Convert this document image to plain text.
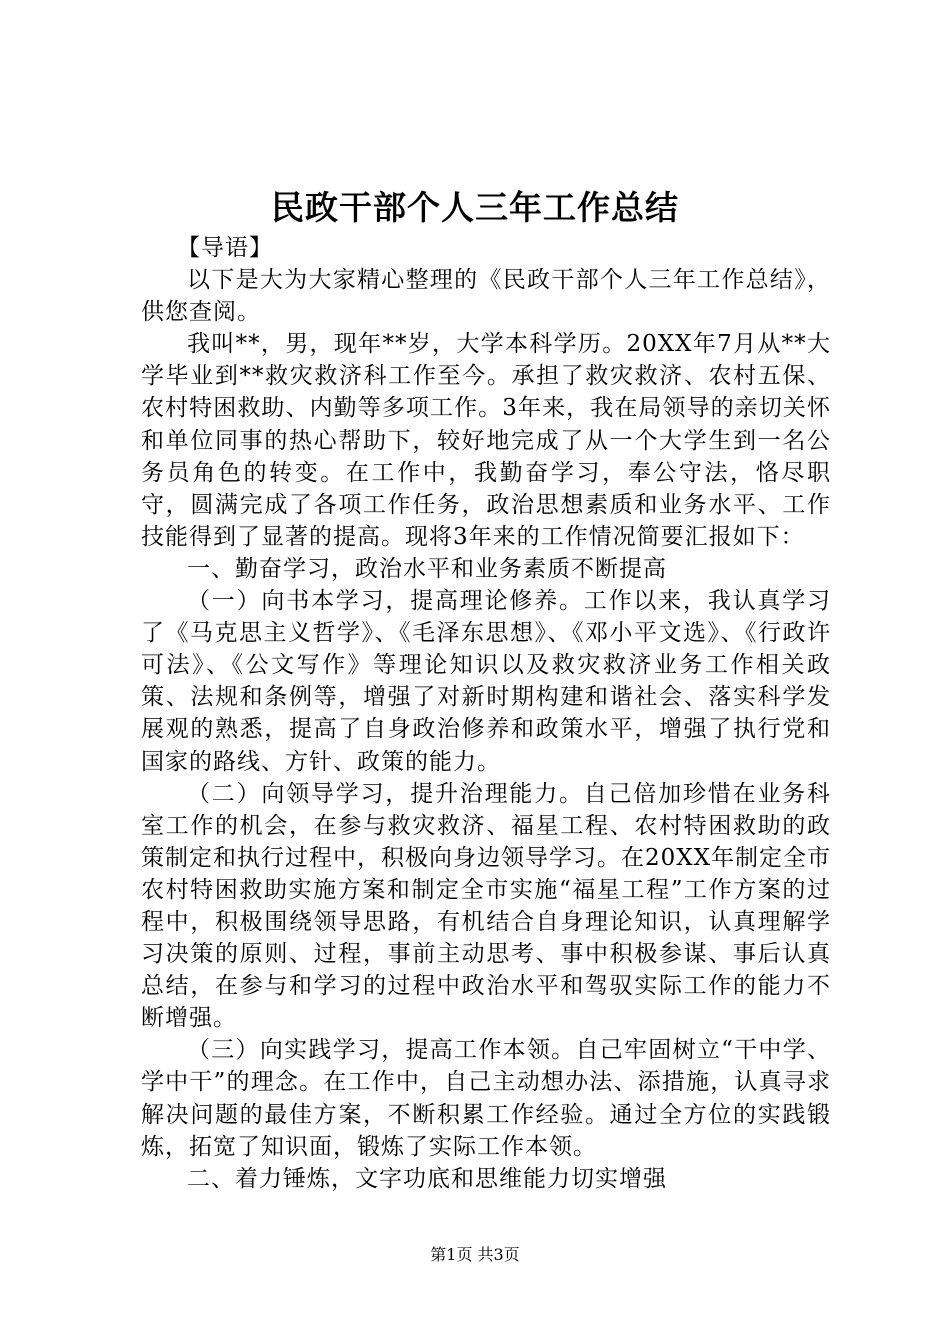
民政干部个人三年工作总结

【导语】

以下是大为大家精心整理的《民政干部个人三年工作总结》，供您查阅。

我叫**，男，现年**岁，大学本科学历。20XX年7月从**大学毕业到**救灾救济科工作至今。承担了救灾救济、农村五保、农村特困救助、内勤等多项工作。3年来，我在局领导的亲切关怀和单位同事的热心帮助下，较好地完成了从一个大学生到一名公务员角色的转变。在工作中，我勤奋学习，奉公守法，恪尽职守，圆满完成了各项工作任务，政治思想素质和业务水平、工作技能得到了显著的提高。现将3年来的工作情况简要汇报如下：

一、勤奋学习，政治水平和业务素质不断提高

（一）向书本学习，提高理论修养。工作以来，我认真学习了《马克思主义哲学》、《毛泽东思想》、《邓小平文选》、《行政许可法》、《公文写作》等理论知识以及救灾救济业务工作相关政策、法规和条例等，增强了对新时期构建和谐社会、落实科学发展观的熟悉，提高了自身政治修养和政策水平，增强了执行党和国家的路线、方针、政策的能力。

（二）向领导学习，提升治理能力。自己倍加珍惜在业务科室工作的机会，在参与救灾救济、福星工程、农村特困救助的政策制定和执行过程中，积极向身边领导学习。在20XX年制定全市农村特困救助实施方案和制定全市实施“福星工程”工作方案的过程中，积极围绕领导思路，有机结合自身理论知识，认真理解学习决策的原则、过程，事前主动思考、事中积极参谋、事后认真总结，在参与和学习的过程中政治水平和驾驭实际工作的能力不断增强。

（三）向实践学习，提高工作本领。自己牢固树立“干中学、学中干”的理念。在工作中，自己主动想办法、添措施，认真寻求解决问题的最佳方案，不断积累工作经验。通过全方位的实践锻炼，拓宽了知识面，锻炼了实际工作本领。

二、着力锤炼，文字功底和思维能力切实增强

第1页 共3页
